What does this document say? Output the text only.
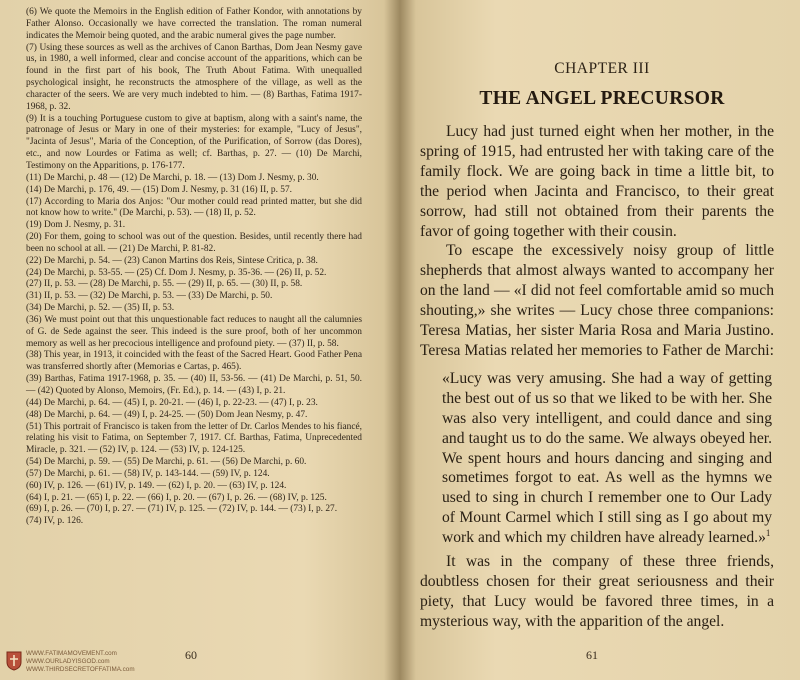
(6) We quote the Memoirs in the English edition of Father Kondor, with annotations by Father Alonso. Occasionally we have corrected the translation. The roman numeral indicates the Memoir being quoted, and the arabic numeral gives the page number.

(7) Using these sources as well as the archives of Canon Barthas, Dom Jean Nesmy gave us, in 1980, a well informed, clear and concise account of the apparitions, which can be found in the first part of his book, The Truth About Fatima. With unequalled psychological insight, he reconstructs the atmosphere of the village, as well as the character of the seers. We are very much indebted to him. — (8) Barthas, Fatima 1917-1968, p. 32.

(9) It is a touching Portuguese custom to give at baptism, along with a saint's name, the patronage of Jesus or Mary in one of their mysteries: for example, "Lucy of Jesus", "Jacinta of Jesus", Maria of the Conception, of the Purification, of Sorrow (das Dores), etc., and now Lourdes or Fatima as well; cf. Barthas, p. 27. — (10) De Marchi, Testimony on the Apparitions, p. 176-177.

(11) De Marchi, p. 48 — (12) De Marchi, p. 18. — (13) Dom J. Nesmy, p. 30.

(14) De Marchi, p. 176, 49. — (15) Dom J. Nesmy, p. 31 (16) II, p. 57.

(17) According to Maria dos Anjos: "Our mother could read printed matter, but she did not know how to write." (De Marchi, p. 53). — (18) II, p. 52.

(19) Dom J. Nesmy, p. 31.

(20) For them, going to school was out of the question. Besides, until recently there had been no school at all. — (21) De Marchi, P. 81-82.

(22) De Marchi, p. 54. — (23) Canon Martins dos Reis, Sintese Critica, p. 38.

(24) De Marchi, p. 53-55. — (25) Cf. Dom J. Nesmy, p. 35-36. — (26) II, p. 52.

(27) II, p. 53. — (28) De Marchi, p. 55. — (29) II, p. 65. — (30) II, p. 58.

(31) II, p. 53. — (32) De Marchi, p. 53. — (33) De Marchi, p. 50.

(34) De Marchi, p. 52. — (35) II, p. 53.

(36) We must point out that this unquestionable fact reduces to naught all the calumnies of G. de Sede against the seer. This indeed is the sure proof, both of her uncommon memory as well as her precocious intelligence and profound piety. — (37) II, p. 58.

(38) This year, in 1913, it coincided with the feast of the Sacred Heart. Good Father Pena was transferred shortly after (Memorias e Cartas, p. 465).

(39) Barthas, Fatima 1917-1968, p. 35. — (40) II, 53-56. — (41) De Marchi, p. 51, 50. — (42) Quoted by Alonso, Memoirs, (Fr. Ed.), p. 14. — (43) I, p. 21.

(44) De Marchi, p. 64. — (45) I, p. 20-21. — (46) I, p. 22-23. — (47) I, p. 23.

(48) De Marchi, p. 64. — (49) I, p. 24-25. — (50) Dom Jean Nesmy, p. 47.

(51) This portrait of Francisco is taken from the letter of Dr. Carlos Mendes to his fiancé, relating his visit to Fatima, on September 7, 1917. Cf. Barthas, Fatima, Unprecedented Miracle, p. 321. — (52) IV, p. 124. — (53) IV, p. 124-125.

(54) De Marchi, p. 59. — (55) De Marchi, p. 61. — (56) De Marchi, p. 60.

(57) De Marchi, p. 61. — (58) IV, p. 143-144. — (59) IV, p. 124.

(60) IV, p. 126. — (61) IV, p. 149. — (62) I, p. 20. — (63) IV, p. 124.

(64) I, p. 21. — (65) I, p. 22. — (66) I, p. 20. — (67) I, p. 26. — (68) IV, p. 125.

(69) I, p. 26. — (70) I, p. 27. — (71) IV, p. 125. — (72) IV, p. 144. — (73) I, p. 27.

(74) IV, p. 126.

60
WWW.FATIMAMOVEMENT.com
WWW.OURLADYISGOD.com
WWW.THIRDSECRETOFFATIMA.com
CHAPTER III
THE ANGEL PRECURSOR

Lucy had just turned eight when her mother, in the spring of 1915, had entrusted her with taking care of the family flock. We are going back in time a little bit, to the period when Jacinta and Francisco, to their great sorrow, had still not obtained from their parents the favor of going together with their cousin.

To escape the excessively noisy group of little shepherds that almost always wanted to accompany her on the land — «I did not feel comfortable amid so much shouting,» she writes — Lucy chose three companions: Teresa Matias, her sister Maria Rosa and Maria Justino. Teresa Matias related her memories to Father de Marchi:

«Lucy was very amusing. She had a way of getting the best out of us so that we liked to be with her. She was also very intelligent, and could dance and sing and taught us to do the same. We always obeyed her. We spent hours and hours dancing and singing and sometimes forgot to eat. As well as the hymns we used to sing in church I remember one to Our Lady of Mount Carmel which I still sing as I go about my work and which my children have already learned.»$^1$

It was in the company of these three friends, doubtless chosen for their great seriousness and their piety, that Lucy would be favored three times, in a mysterious way, with the apparition of the angel.

61
